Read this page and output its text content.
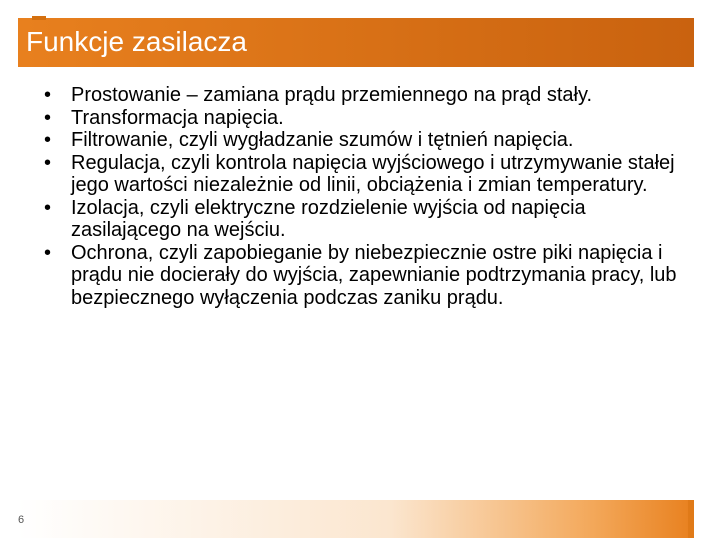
Funkcje zasilacza
• Prostowanie – zamiana prądu przemiennego na prąd stały.
• Transformacja napięcia.
• Filtrowanie, czyli wygładzanie szumów i tętnień napięcia.
• Regulacja, czyli kontrola napięcia wyjściowego i utrzymywanie stałej jego wartości niezależnie od linii, obciążenia i zmian temperatury.
• Izolacja, czyli elektryczne rozdzielenie wyjścia od napięcia zasilającego na wejściu.
• Ochrona, czyli zapobieganie by niebezpiecznie ostre piki napięcia i prądu nie docierały do wyjścia, zapewnianie podtrzymania pracy, lub bezpiecznego wyłączenia podczas zaniku prądu.
6
